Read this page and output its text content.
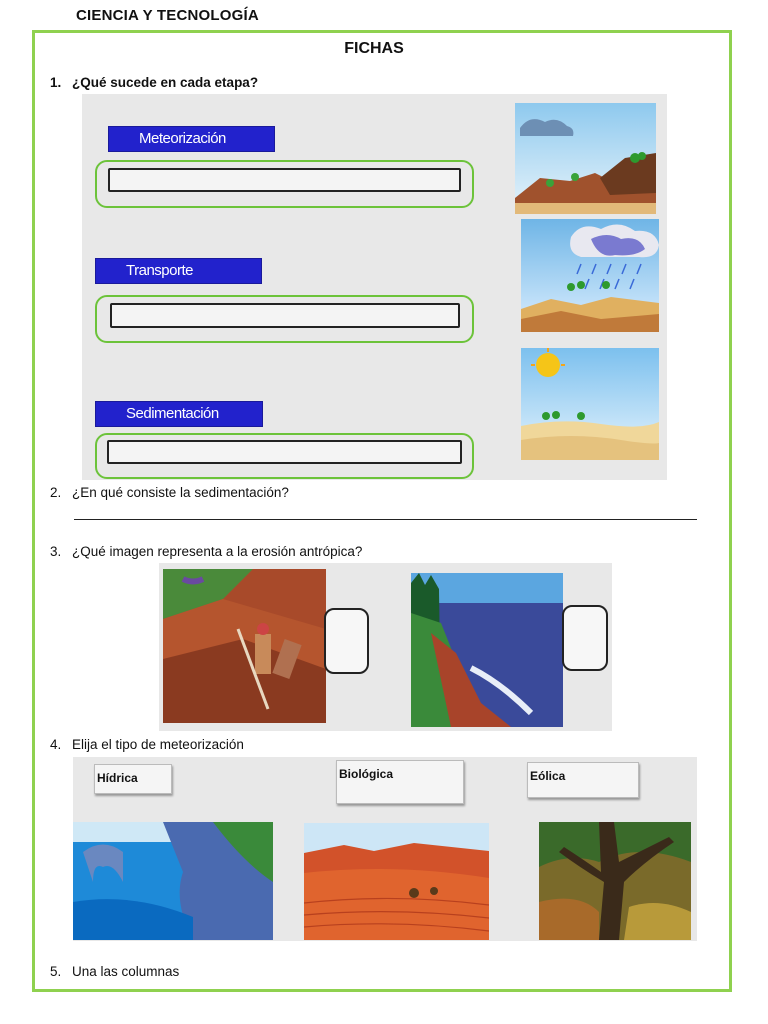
CIENCIA Y TECNOLOGÍA
FICHAS
1. ¿Qué sucede en cada etapa?
Meteorización
Transporte
Sedimentación
2. ¿En qué consiste la sedimentación?
3. ¿Qué imagen representa a la erosión antrópica?
4. Elija el tipo de meteorización
Hídrica	Biológica	Eólica
5. Una las columnas
